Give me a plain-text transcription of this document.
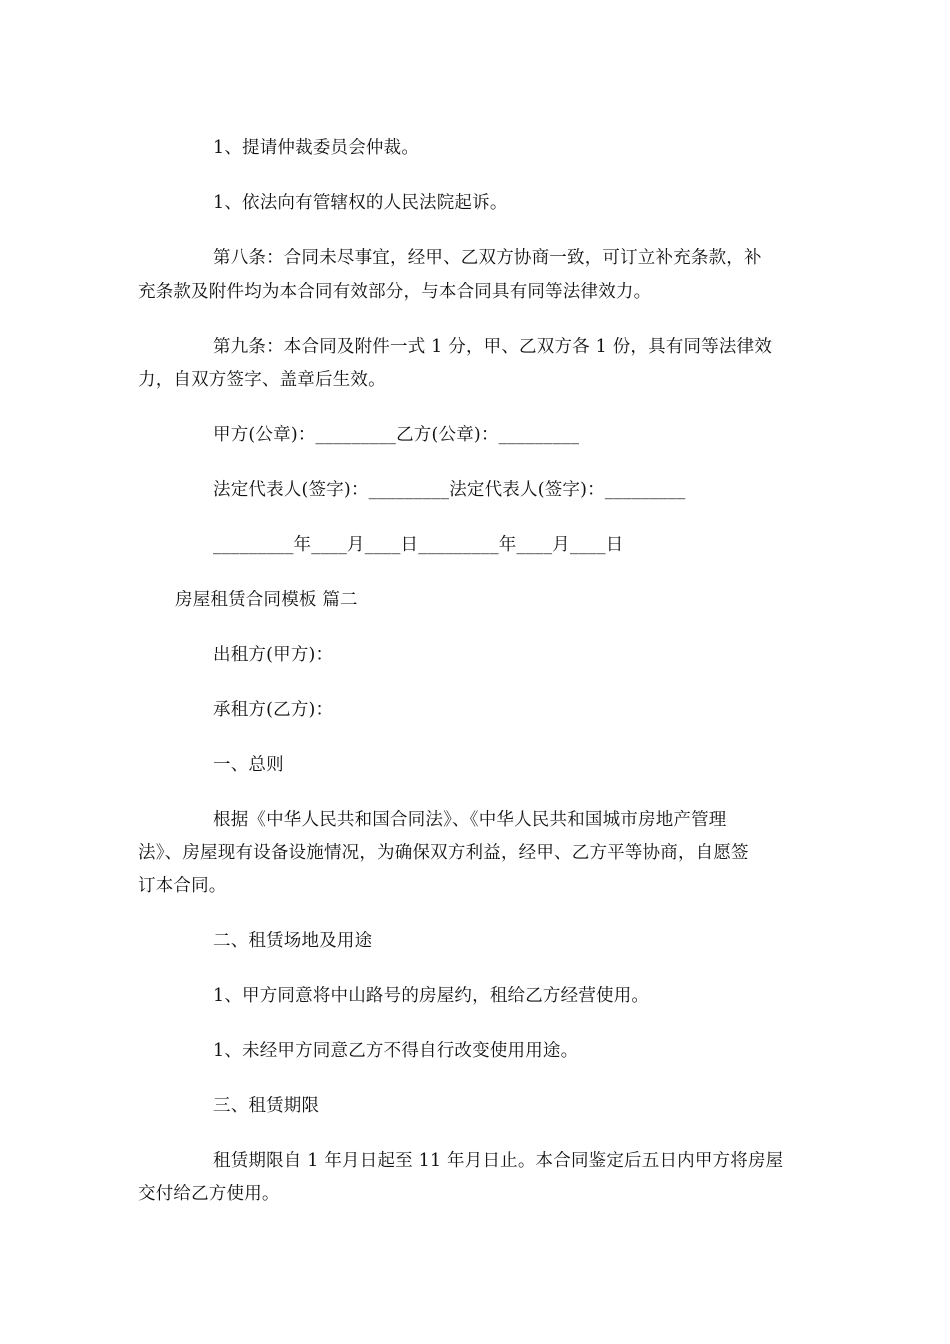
1、提请仲裁委员会仲裁。
1、依法向有管辖权的人民法院起诉。
第八条：合同未尽事宜，经甲、乙双方协商一致，可订立补充条款，补
充条款及附件均为本合同有效部分，与本合同具有同等法律效力。
第九条：本合同及附件一式 1 分，甲、乙双方各 1 份，具有同等法律效
力，自双方签字、盖章后生效。
甲方(公章)：_________乙方(公章)：_________
法定代表人(签字)：_________法定代表人(签字)：_________
_________年____月____日_________年____月____日
房屋租赁合同模板 篇二
出租方(甲方)：
承租方(乙方)：
一、总则
根据《中华人民共和国合同法》、《中华人民共和国城市房地产管理
法》、房屋现有设备设施情况，为确保双方利益，经甲、乙方平等协商，自愿签
订本合同。
二、租赁场地及用途
1、甲方同意将中山路号的房屋约，租给乙方经营使用。
1、未经甲方同意乙方不得自行改变使用用途。
三、租赁期限
租赁期限自 1 年月日起至 11 年月日止。本合同鉴定后五日内甲方将房屋
交付给乙方使用。
